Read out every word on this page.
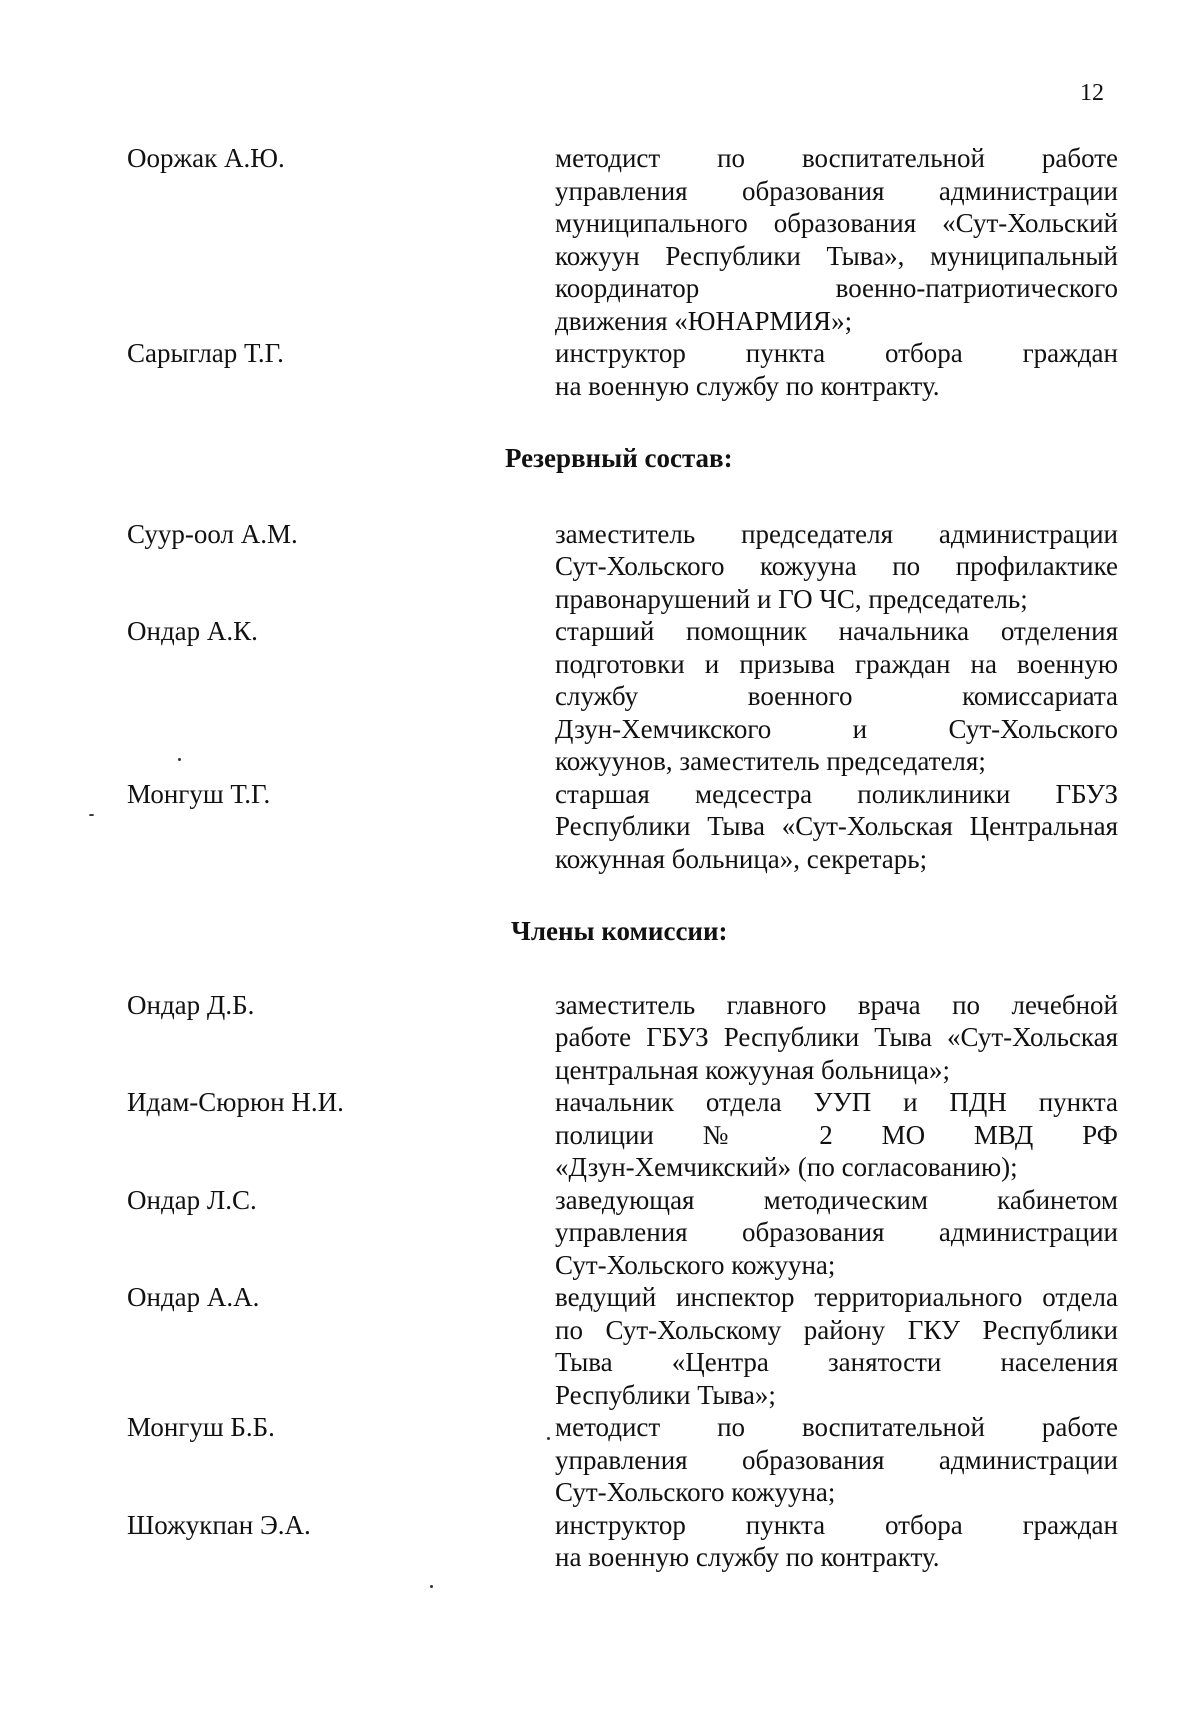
12
Ооржак А.Ю.	методист по воспитательной работе
управления образования администрации
муниципального образования «Сут-Хольский
кожуун Республики Тыва», муниципальный
координатор военно-патриотического
движения «ЮНАРМИЯ»;
Сарыглар Т.Г.	инструктор пункта отбора граждан
на военную службу по контракту.
Резервный состав:
Суур-оол А.М.	заместитель председателя администрации
Сут-Хольского кожууна по профилактике
правонарушений и ГО ЧС, председатель;
Ондар А.К.	старший помощник начальника отделения
подготовки и призыва граждан на военную
службу военного комиссариата
Дзун-Хемчикского и Сут-Хольского
кожуунов, заместитель председателя;
Монгуш Т.Г.	старшая медсестра поликлиники ГБУЗ
Республики Тыва «Сут-Хольская Центральная
кожунная больница», секретарь;
Члены комиссии:
Ондар Д.Б.	заместитель главного врача по лечебной
работе ГБУЗ Республики Тыва «Сут-Хольская
центральная кожууная больница»;
Идам-Сюрюн Н.И.	начальник отдела УУП и ПДН пункта
полиции № 2 МО МВД РФ
«Дзун-Хемчикский» (по согласованию);
Ондар Л.С.	заведующая методическим кабинетом
управления образования администрации
Сут-Хольского кожууна;
Ондар А.А.	ведущий инспектор территориального отдела
по Сут-Хольскому району ГКУ Республики
Тыва «Центра занятости населения
Республики Тыва»;
Монгуш Б.Б.	методист по воспитательной работе
управления образования администрации
Сут-Хольского кожууна;
Шожукпан Э.А.	инструктор пункта отбора граждан
на военную службу по контракту.
